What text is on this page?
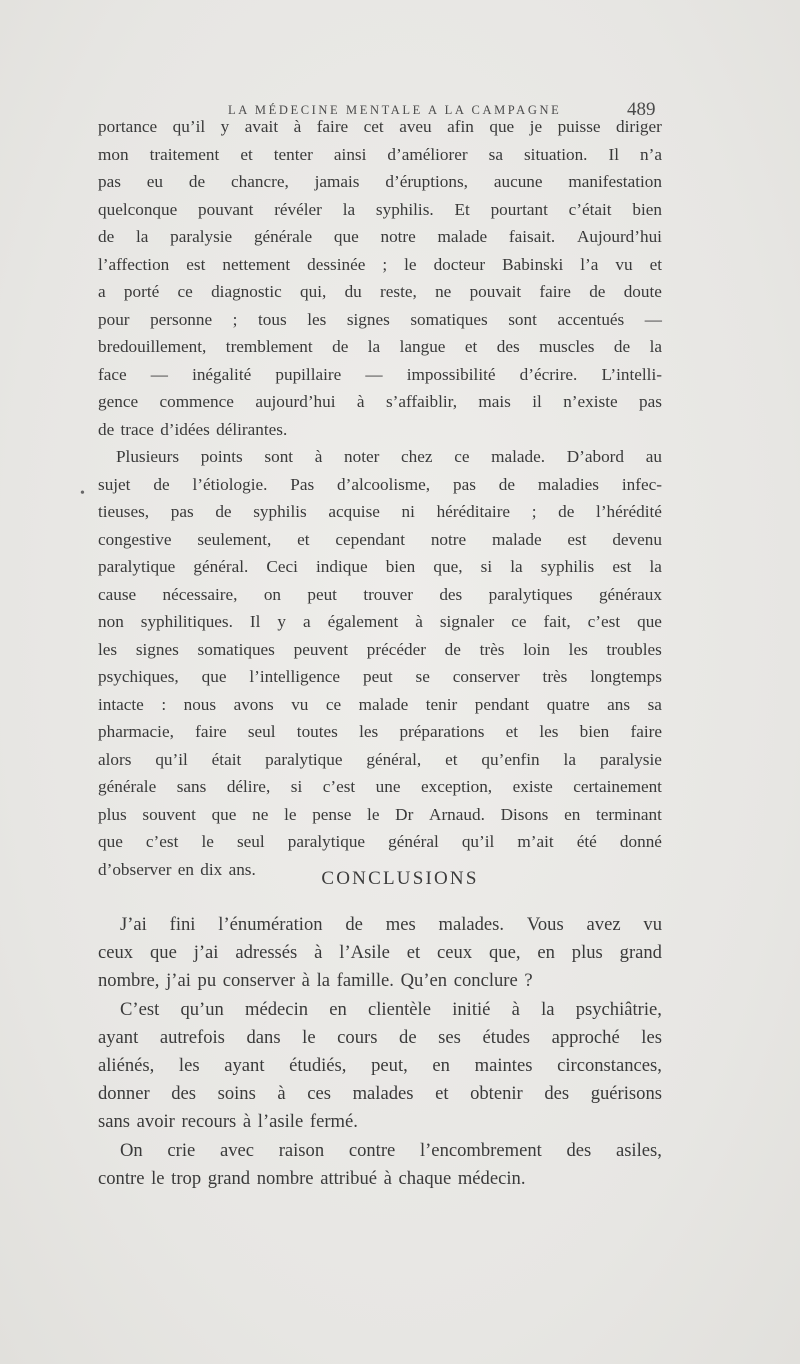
LA MÉDECINE MENTALE A LA CAMPAGNE	489
•
portance qu’il y avait à faire cet aveu afin que je puisse diriger
mon traitement et tenter ainsi d’améliorer sa situation. Il n’a
pas eu de chancre, jamais d’éruptions, aucune manifestation
quelconque pouvant révéler la syphilis. Et pourtant c’était bien
de la paralysie générale que notre malade faisait. Aujourd’hui
l’affection est nettement dessinée ; le docteur Babinski l’a vu et
a porté ce diagnostic qui, du reste, ne pouvait faire de doute
pour personne ; tous les signes somatiques sont accentués —
bredouillement, tremblement de la langue et des muscles de la
face — inégalité pupillaire — impossibilité d’écrire. L’intelli-
gence commence aujourd’hui à s’affaiblir, mais il n’existe pas
de trace d’idées délirantes.
Plusieurs points sont à noter chez ce malade. D’abord au
sujet de l’étiologie. Pas d’alcoolisme, pas de maladies infec-
tieuses, pas de syphilis acquise ni héréditaire ; de l’hérédité
congestive seulement, et cependant notre malade est devenu
paralytique général. Ceci indique bien que, si la syphilis est la
cause nécessaire, on peut trouver des paralytiques généraux
non syphilitiques. Il y a également à signaler ce fait, c’est que
les signes somatiques peuvent précéder de très loin les troubles
psychiques, que l’intelligence peut se conserver très longtemps
intacte : nous avons vu ce malade tenir pendant quatre ans sa
pharmacie, faire seul toutes les préparations et les bien faire
alors qu’il était paralytique général, et qu’enfin la paralysie
générale sans délire, si c’est une exception, existe certainement
plus souvent que ne le pense le Dr Arnaud. Disons en terminant
que c’est le seul paralytique général qu’il m’ait été donné
d’observer en dix ans.	CONCLUSIONS
J’ai fini l’énumération de mes malades. Vous avez vu
ceux que j’ai adressés à l’Asile et ceux que, en plus grand
nombre, j’ai pu conserver à la famille. Qu’en conclure ?
C’est qu’un médecin en clientèle initié à la psychiâtrie,
ayant autrefois dans le cours de ses études approché les
aliénés, les ayant étudiés, peut, en maintes circonstances,
donner des soins à ces malades et obtenir des guérisons
sans avoir recours à l’asile fermé.
On crie avec raison contre l’encombrement des asiles,
contre le trop grand nombre attribué à chaque médecin.
